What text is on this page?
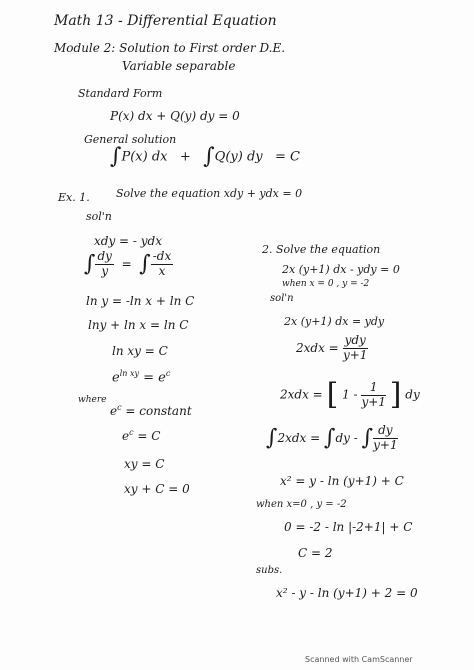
Math 13 - Differential Equation
Module 2: Solution to First order D.E.
Variable separable
Standard Form
P(x) dx + Q(y) dy = 0
General solution
∫P(x) dx + ∫Q(y) dy = C
Ex. 1. Solve the equation xdy + ydx = 0
sol'n
xdy = - ydx
∫ $\frac{dy}{y}$ = ∫ $\frac{-dx}{x}$
ln y = -ln x + ln C
lny + ln x = ln C
ln xy = C
$e^{ln xy} = e^c$
where
$e^c$ = constant
$e^c = C$
xy = C
xy + C = 0
2. Solve the equation
2x (y+1) dx - ydy = 0
when x = 0 , y = -2
sol'n
2x (y+1) dx = ydy
$2xdx = \frac{\text{ydy}}{y+1}$
2xdx = [ $1 - \frac{1}{y+1}$ ] dy
∫2xdx = ∫dy - ∫ $\frac{dy}{y+1}$
x² = y - ln (y+1) + C
when x=0 , y = -2
0 = -2 - ln |-2+1| + C
C = 2
subs.
x² - y - ln (y+1) + 2 = 0
Scanned with CamScanner
